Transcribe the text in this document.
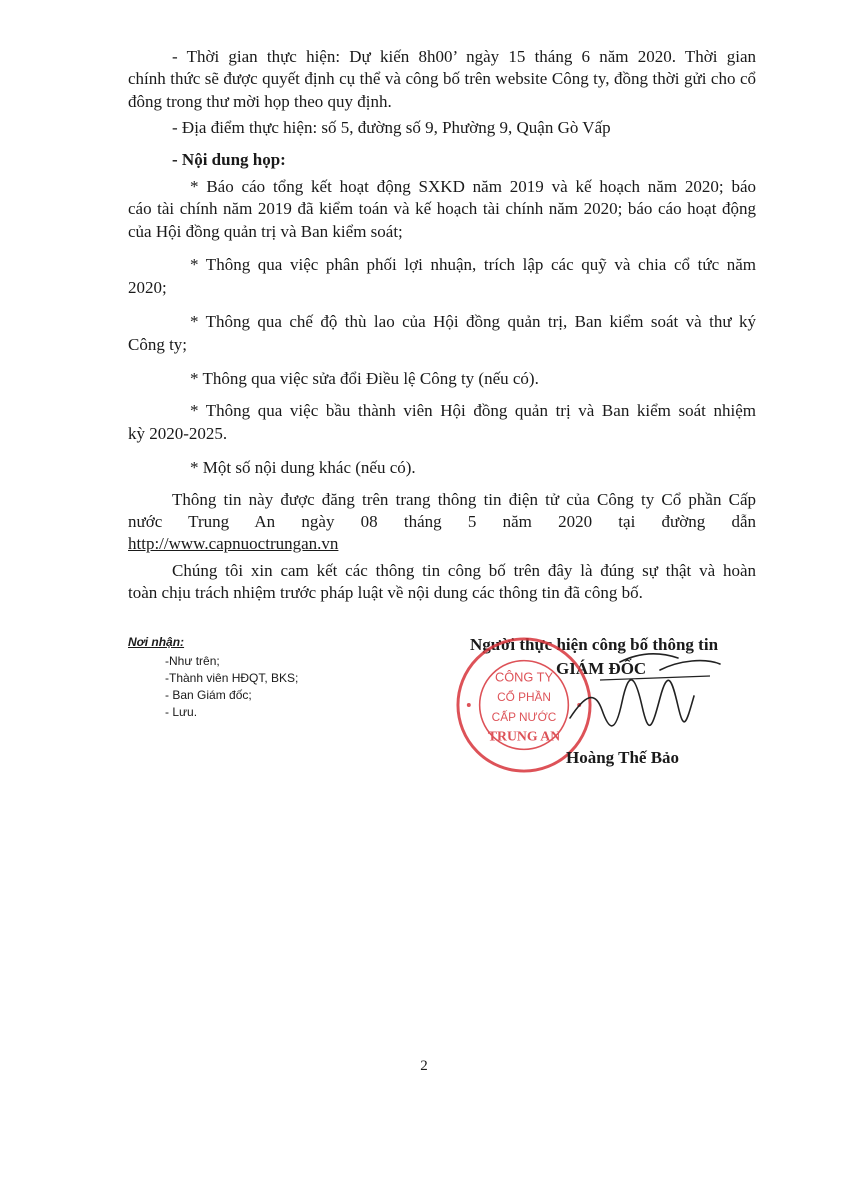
- Thời gian thực hiện: Dự kiến 8h00’ ngày 15 tháng 6 năm 2020. Thời gian

chính thức sẽ được quyết định cụ thể và công bố trên website Công ty, đồng thời gửi cho cổ đông trong thư mời họp theo quy định.

- Địa điểm thực hiện: số 5, đường số 9, Phường 9, Quận Gò Vấp

- Nội dung họp:

* Báo cáo tổng kết hoạt động SXKD năm 2019 và kế hoạch năm 2020; báo

cáo tài chính năm 2019 đã kiểm toán và kế hoạch tài chính năm 2020; báo cáo hoạt động của Hội đồng quản trị và Ban kiểm soát;

* Thông qua việc phân phối lợi nhuận, trích lập các quỹ và chia cổ tức năm

2020;

* Thông qua chế độ thù lao của Hội đồng quản trị, Ban kiểm soát và thư ký

Công ty;

* Thông qua việc sửa đổi Điều lệ Công ty (nếu có).

* Thông qua việc bầu thành viên Hội đồng quản trị và Ban kiểm soát nhiệm

kỳ 2020-2025.

* Một số nội dung khác (nếu có).

Thông tin này được đăng trên trang thông tin điện tử của Công ty Cổ phần Cấp

nước Trung An ngày 08 tháng 5 năm 2020 tại đường dẫn

http://www.capnuoctrungan.vn

Chúng tôi xin cam kết các thông tin công bố trên đây là đúng sự thật và hoàn

toàn chịu trách nhiệm trước pháp luật về nội dung các thông tin đã công bố.

Nơi nhận:
-Như trên;
-Thành viên HĐQT, BKS;
- Ban Giám đốc;
- Lưu.
Người thực hiện công bố thông tin
GIÁM ĐỐC
CÔNG TY
CỔ PHẦN
CẤP NƯỚC
TRUNG AN
Hoàng Thế Bảo
2
